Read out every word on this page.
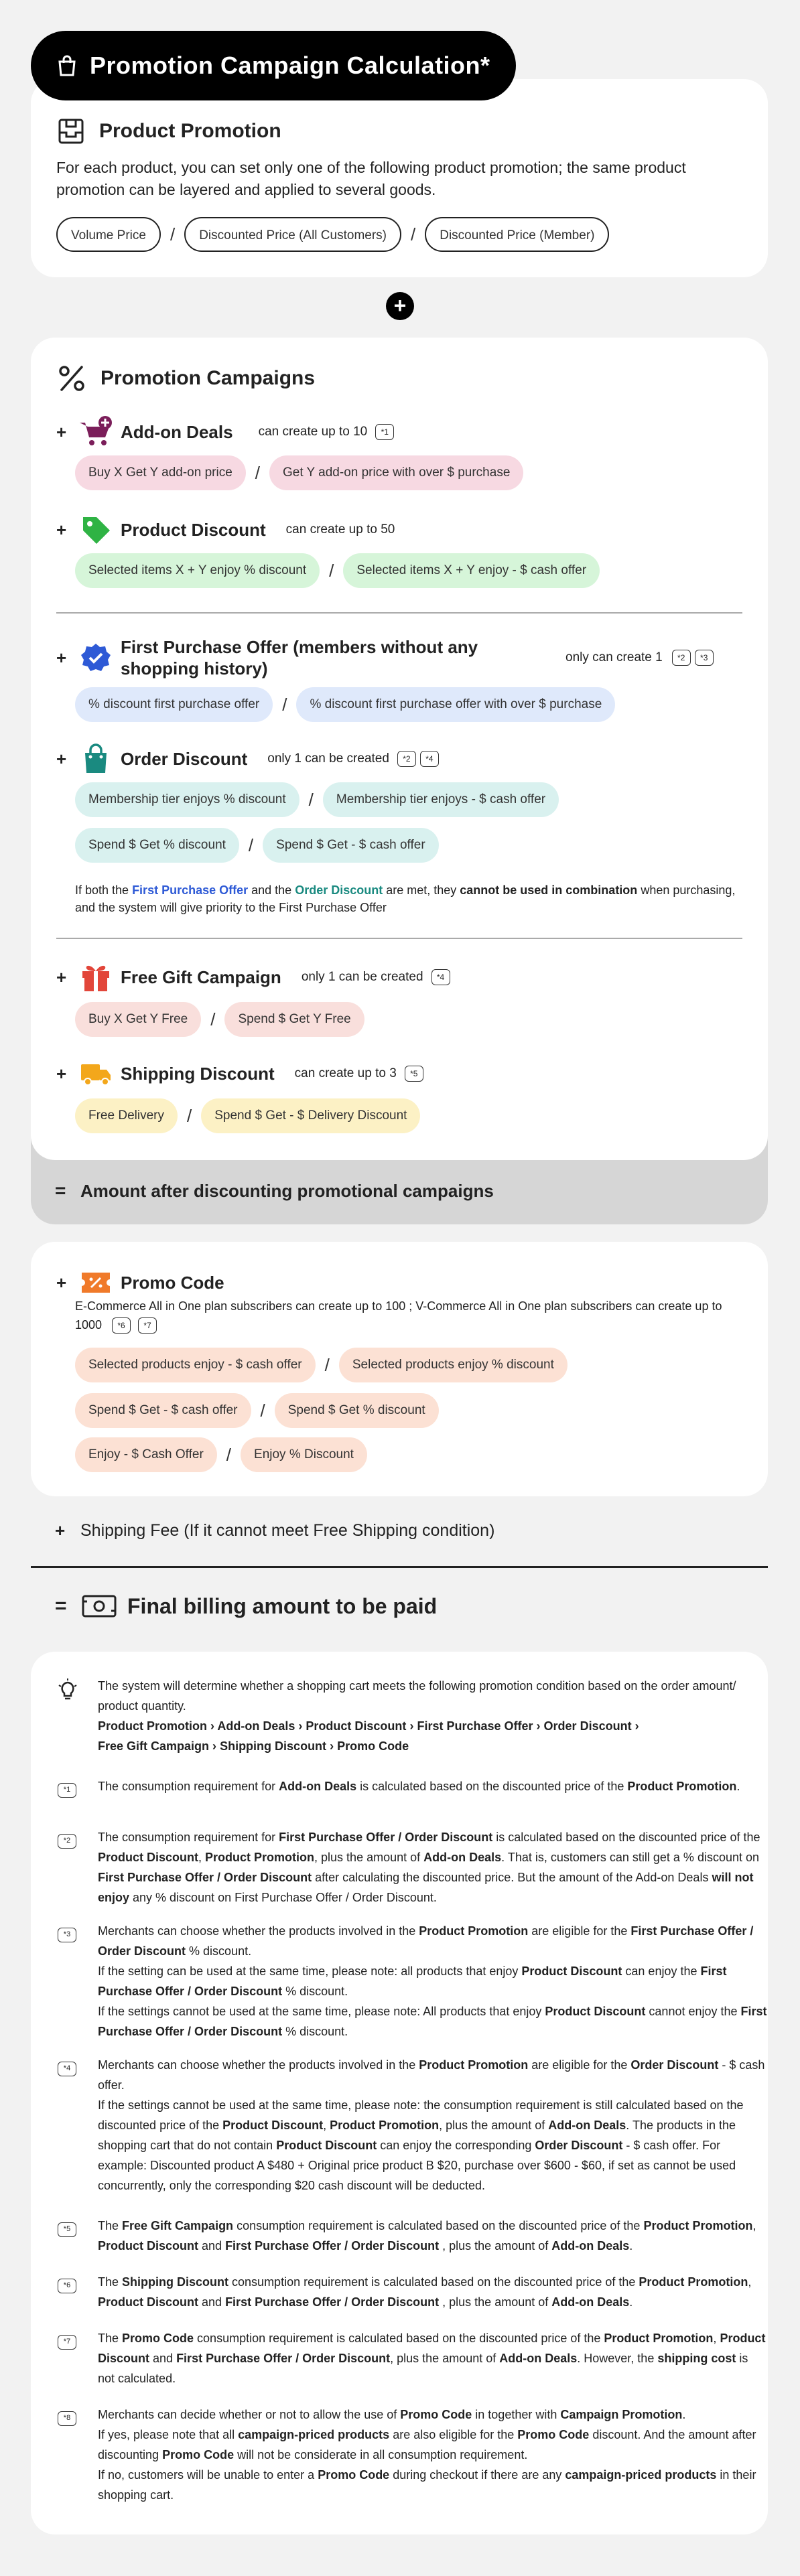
Promotion Campaign Calculation*
Product Promotion
For each product, you can set only one of the following product promotion; the same product promotion can be layered and applied to several goods.
Volume Price	/	Discounted Price (All Customers)	/	Discounted Price (Member)
+
= Amount after discounting promotional campaigns
Promotion Campaigns
+	Add-on Deals can create up to 10	*1
Buy X Get Y add-on price	/	Get Y add-on price with over $ purchase
+	Product Discount can create up to 50
Selected items X + Y enjoy % discount	/	Selected items X + Y enjoy - $ cash offer
+
First Purchase Offer (members without any shopping history)
only can create 1	*2	*3
% discount first purchase offer	/	% discount first purchase offer with over $ purchase
+	Order Discount only 1 can be created	*2	*4
Membership tier enjoys % discount	/	Membership tier enjoys - $ cash offer
Spend $ Get % discount	/	Spend $ Get - $ cash offer
If both the First Purchase Offer and the Order Discount are met, they cannot be used in combination when purchasing, and the system will give priority to the First Purchase Offer
+	Free Gift Campaign only 1 can be created	*4
Buy X Get Y Free	/	Spend $ Get Y Free
+	Shipping Discount can create up to 3	*5
Free Delivery	/	Spend $ Get - $ Delivery Discount
+	Promo Code
E-Commerce All in One plan subscribers can create up to 100 ; V-Commerce All in One plan subscribers can create up to 1000 *6 *7
Selected products enjoy - $ cash offer	/	Selected products enjoy % discount
Spend $ Get - $ cash offer	/	Spend $ Get % discount
Enjoy - $ Cash Offer	/	Enjoy % Discount
+ Shipping Fee (If it cannot meet Free Shipping condition)
=	Final billing amount to be paid

The system will determine whether a shopping cart meets the following promotion condition based on the order amount/ product quantity.

Product Promotion › Add-on Deals › Product Discount › First Purchase Offer › Order Discount ›
Free Gift Campaign › Shipping Discount › Promo Code

*1	The consumption requirement for Add-on Deals is calculated based on the discounted price of the Product Promotion.

*2	The consumption requirement for First Purchase Offer / Order Discount is calculated based on the discounted price of the Product Discount, Product Promotion, plus the amount of Add-on Deals. That is, customers can still get a % discount on First Purchase Offer / Order Discount after calculating the discounted price. But the amount of the Add-on Deals will not enjoy any % discount on First Purchase Offer / Order Discount.

*3	Merchants can choose whether the products involved in the Product Promotion are eligible for the First Purchase Offer / Order Discount % discount.

If the setting can be used at the same time, please note: all products that enjoy Product Discount can enjoy the First Purchase Offer / Order Discount % discount.

If the settings cannot be used at the same time, please note: All products that enjoy Product Discount cannot enjoy the First Purchase Offer / Order Discount % discount.

*4	Merchants can choose whether the products involved in the Product Promotion are eligible for the Order Discount - $ cash offer.

If the settings cannot be used at the same time, please note: the consumption requirement is still calculated based on the discounted price of the Product Discount, Product Promotion, plus the amount of Add-on Deals. The products in the shopping cart that do not contain Product Discount can enjoy the corresponding Order Discount - $ cash offer. For example: Discounted product A $480 + Original price product B $20, purchase over $600 - $60, if set as cannot be used concurrently, only the corresponding $20 cash discount will be deducted.

*5	The Free Gift Campaign consumption requirement is calculated based on the discounted price of the Product Promotion, Product Discount and First Purchase Offer / Order Discount , plus the amount of Add-on Deals.

*6	The Shipping Discount consumption requirement is calculated based on the discounted price of the Product Promotion, Product Discount and First Purchase Offer / Order Discount , plus the amount of Add-on Deals.

*7	The Promo Code consumption requirement is calculated based on the discounted price of the Product Promotion, Product Discount and First Purchase Offer / Order Discount, plus the amount of Add-on Deals. However, the shipping cost is not calculated.

*8	Merchants can decide whether or not to allow the use of Promo Code in together with Campaign Promotion.

If yes, please note that all campaign-priced products are also eligible for the Promo Code discount. And the amount after discounting Promo Code will not be considerate in all consumption requirement.

If no, customers will be unable to enter a Promo Code during checkout if there are any campaign-priced products in their shopping cart.
